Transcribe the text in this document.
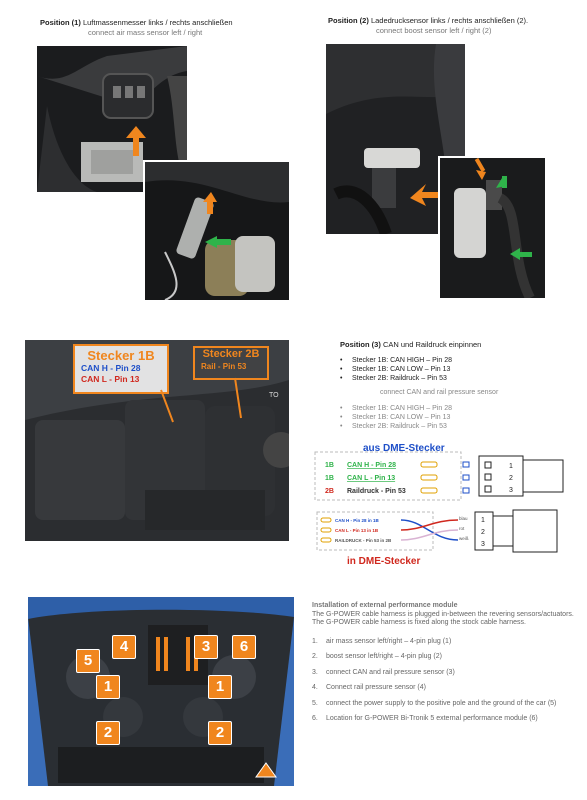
Position (1) Luftmassenmesser links / rechts anschließen
connect air mass sensor left / right
Position (2) Ladedrucksensor links / rechts anschließen (2).
connect boost sensor left / right (2)
Stecker 1B
CAN H - Pin 28
CAN L - Pin 13
Stecker 2B
Rail - Pin 53
TO
Position (3) CAN und Raildruck einpinnen
• Stecker 1B: CAN HIGH – Pin 28
• Stecker 1B: CAN LOW – Pin 13
• Stecker 2B: Raildruck – Pin 53
connect CAN and rail pressure sensor
• Stecker 1B: CAN HIGH – Pin 28
• Stecker 1B: CAN LOW – Pin 13
• Stecker 2B: Raildruck – Pin 53
aus DME-Stecker
1B CAN H - Pin 28
1B CAN L - Pin 13
2B Raildruck - Pin 53
1
2
3
CAN H - Pin 28 in 1B
CAN L - Pin 13 in 1B
RAILDRUCK - Pin 53 in 2B
blau
rot
weiß
1
2
3
in DME-Stecker
5
4	3	6
1	1
2	2
Installation of external performance module
The G-POWER cable harness is plugged in-between the revering sensors/actuators. The G-POWER cable harness is fixed along the stock cable harness.
1. air mass sensor left/right – 4-pin plug (1)
2. boost sensor left/right – 4-pin plug (2)
3. connect CAN and rail pressure sensor (3)
4. Connect rail pressure sensor (4)
5. connect the power supply to the positive pole and the ground of the car (5)
6. Location for G-POWER Bi-Tronik 5 external performance module (6)
